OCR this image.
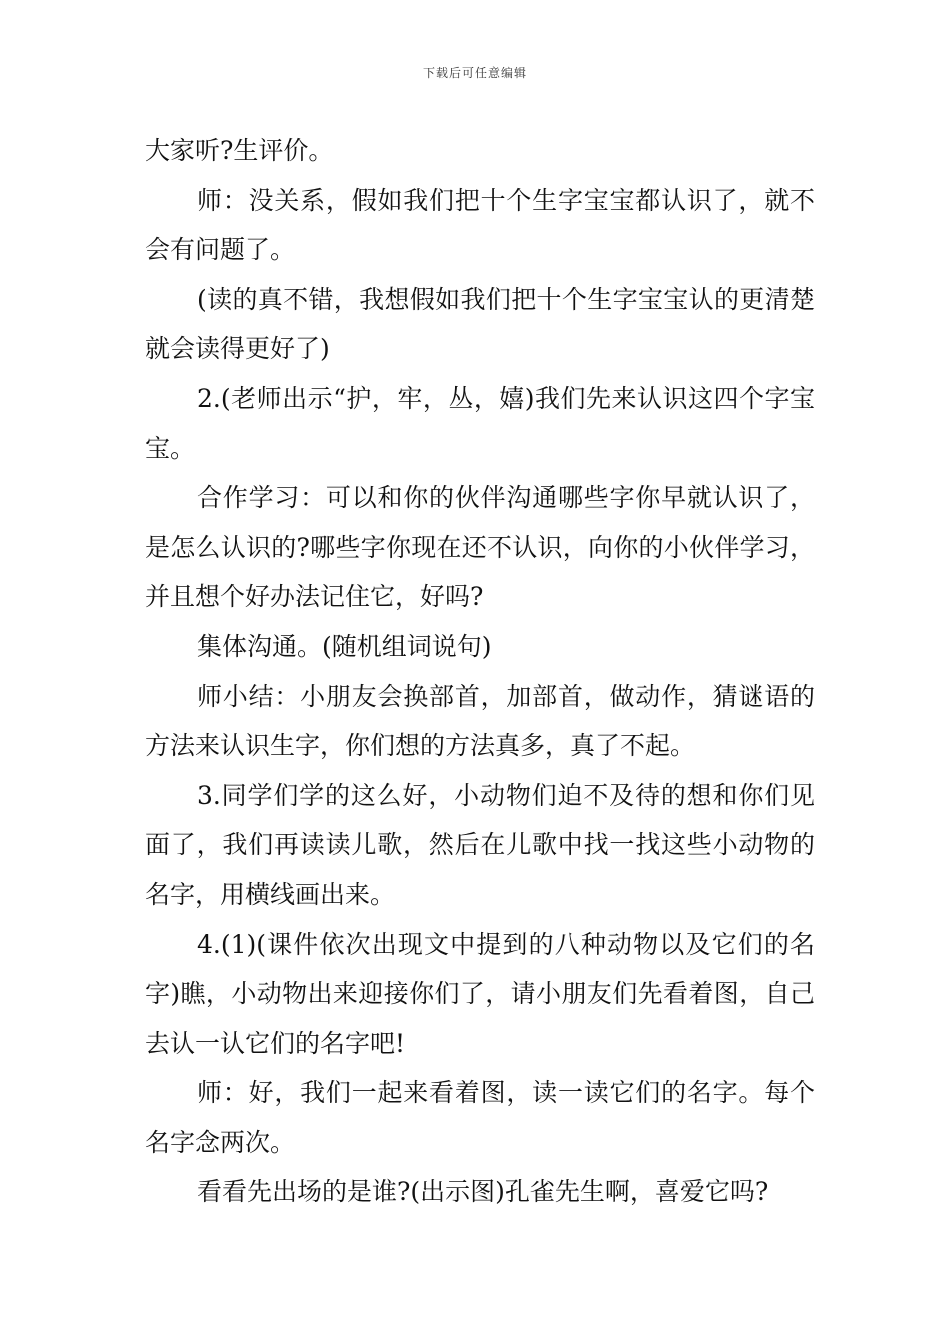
下载后可任意编辑

大家听?生评价。

师：没关系，假如我们把十个生字宝宝都认识了，就不会有问题了。

(读的真不错，我想假如我们把十个生字宝宝认的更清楚就会读得更好了)

2.(老师出示“护，牢，丛，嬉)我们先来认识这四个字宝宝。

合作学习：可以和你的伙伴沟通哪些字你早就认识了，是怎么认识的?哪些字你现在还不认识，向你的小伙伴学习，并且想个好办法记住它，好吗?

集体沟通。(随机组词说句)

师小结：小朋友会换部首，加部首，做动作，猜谜语的方法来认识生字，你们想的方法真多，真了不起。

3.同学们学的这么好，小动物们迫不及待的想和你们见面了，我们再读读儿歌，然后在儿歌中找一找这些小动物的名字，用横线画出来。

4.(1)(课件依次出现文中提到的八种动物以及它们的名字)瞧，小动物出来迎接你们了，请小朋友们先看着图，自己去认一认它们的名字吧!

师：好，我们一起来看着图，读一读它们的名字。每个名字念两次。

看看先出场的是谁?(出示图)孔雀先生啊，喜爱它吗?
